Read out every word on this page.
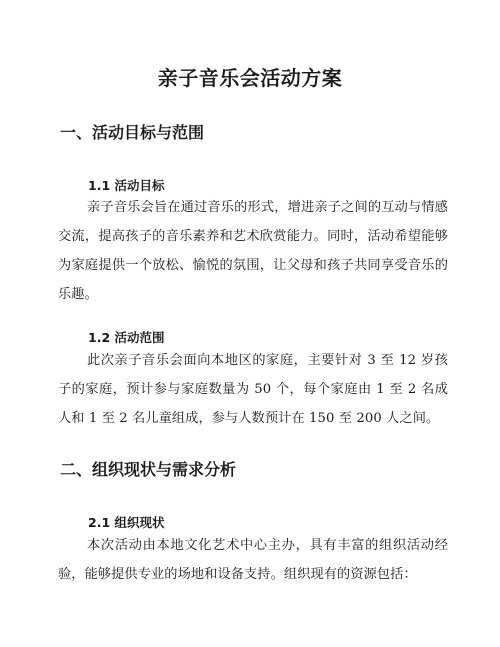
亲子音乐会活动方案
一、活动目标与范围
1.1 活动目标

亲子音乐会旨在通过音乐的形式，增进亲子之间的互动与情感交流，提高孩子的音乐素养和艺术欣赏能力。同时，活动希望能够为家庭提供一个放松、愉悦的氛围，让父母和孩子共同享受音乐的乐趣。

1.2 活动范围

此次亲子音乐会面向本地区的家庭，主要针对 3 至 12 岁孩子的家庭，预计参与家庭数量为 50 个，每个家庭由 1 至 2 名成人和 1 至 2 名儿童组成，参与人数预计在 150 至 200 人之间。

二、组织现状与需求分析
2.1 组织现状

本次活动由本地文化艺术中心主办，具有丰富的组织活动经验，能够提供专业的场地和设备支持。组织现有的资源包括：
